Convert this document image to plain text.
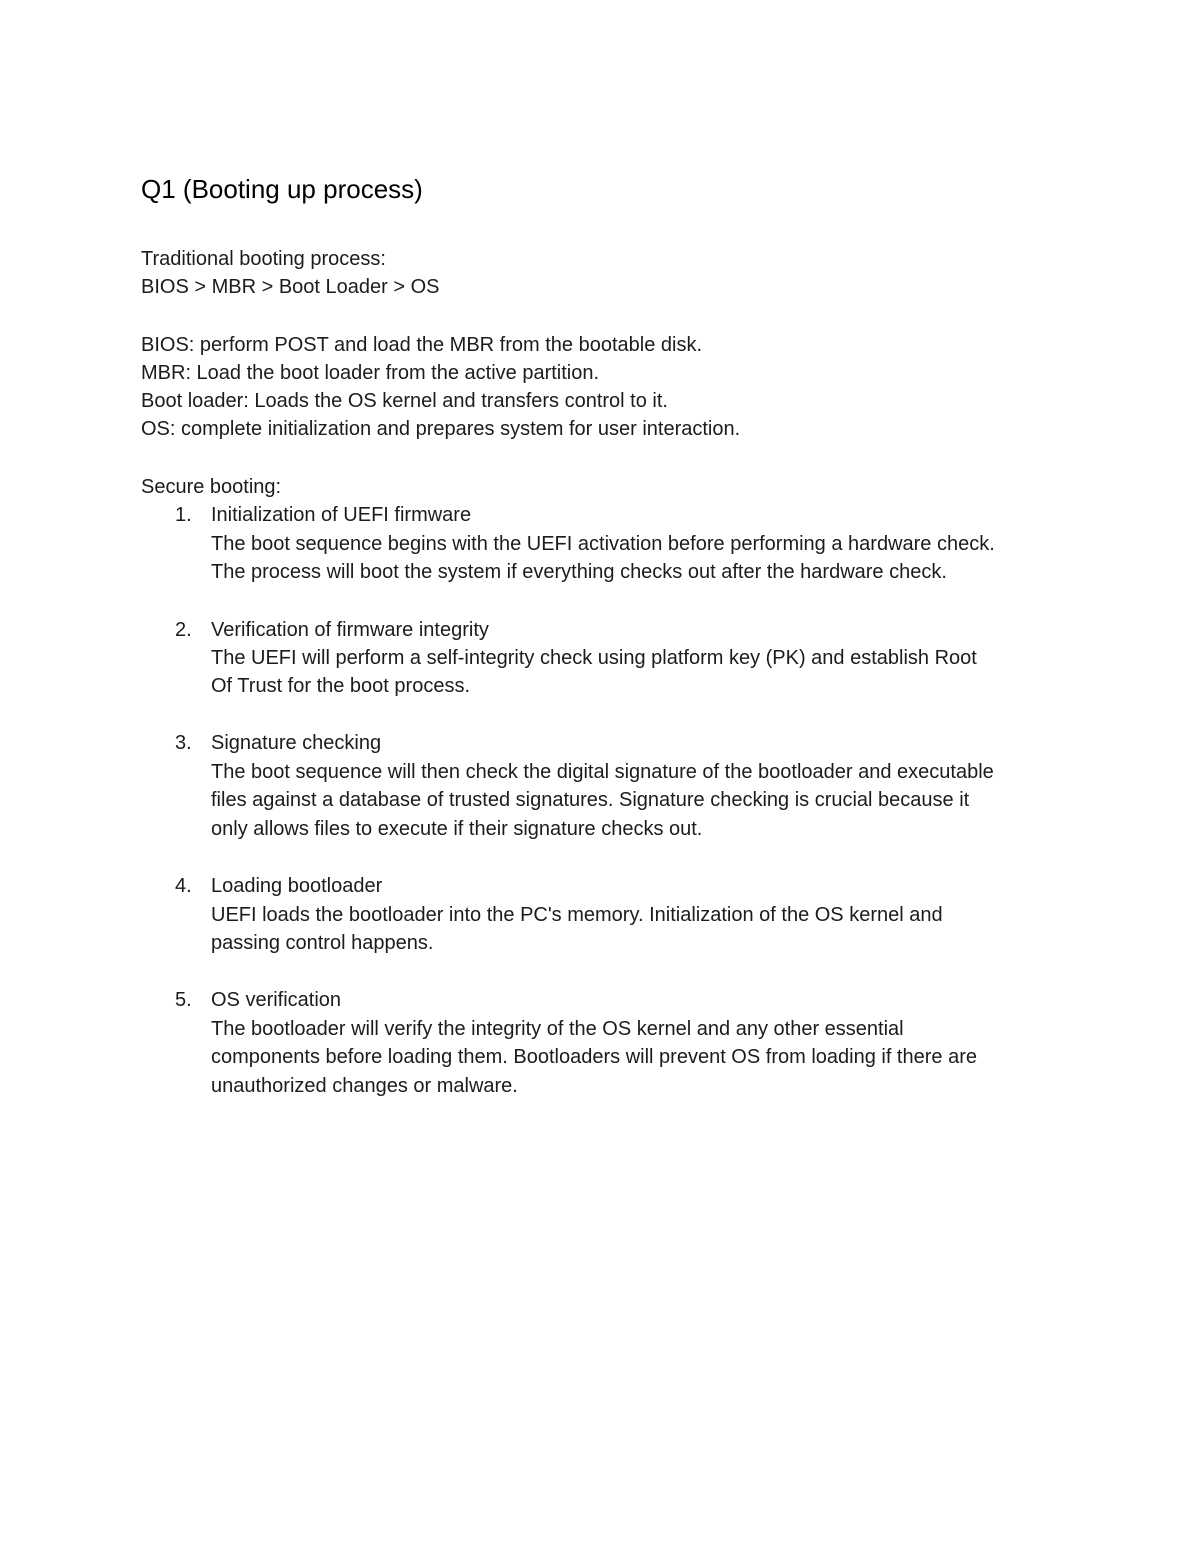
Q1 (Booting up process)
Traditional booting process:
BIOS > MBR > Boot Loader > OS
BIOS: perform POST and load the MBR from the bootable disk.
MBR: Load the boot loader from the active partition.
Boot loader: Loads the OS kernel and transfers control to it.
OS: complete initialization and prepares system for user interaction.
Secure booting:
1. Initialization of UEFI firmware
The boot sequence begins with the UEFI activation before performing a hardware check.
The process will boot the system if everything checks out after the hardware check.
2. Verification of firmware integrity
The UEFI will perform a self-integrity check using platform key (PK) and establish Root
Of Trust for the boot process.
3. Signature checking
The boot sequence will then check the digital signature of the bootloader and executable
files against a database of trusted signatures. Signature checking is crucial because it
only allows files to execute if their signature checks out.
4. Loading bootloader
UEFI loads the bootloader into the PC's memory. Initialization of the OS kernel and
passing control happens.
5. OS verification
The bootloader will verify the integrity of the OS kernel and any other essential
components before loading them. Bootloaders will prevent OS from loading if there are
unauthorized changes or malware.
